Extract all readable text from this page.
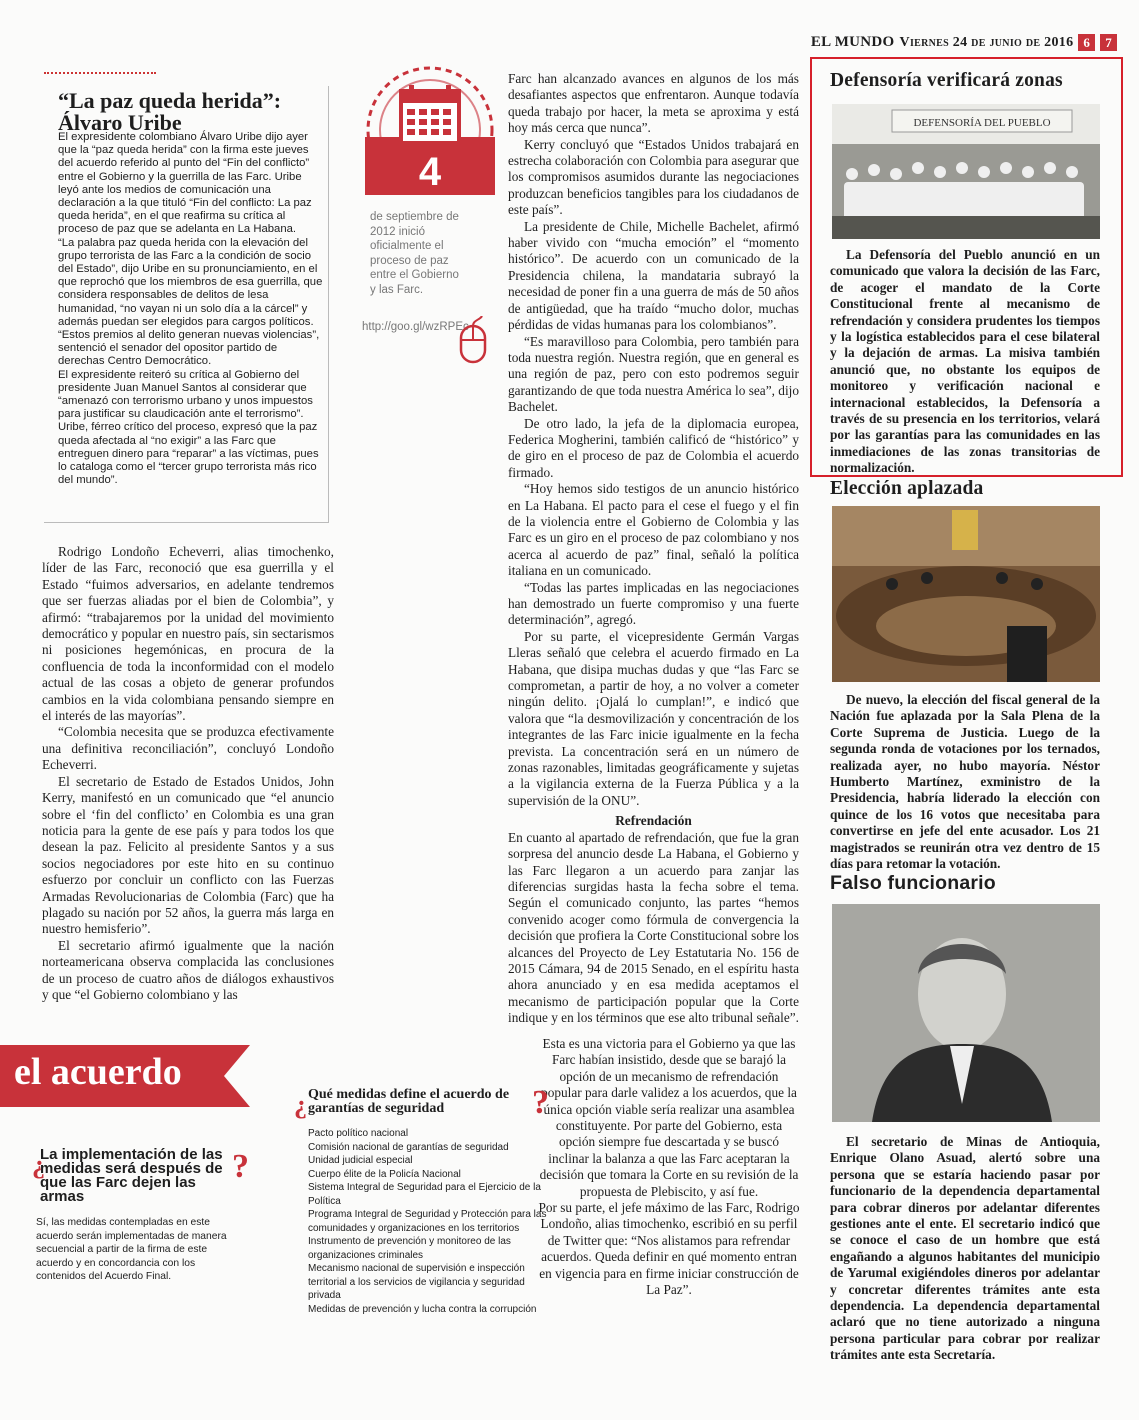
EL MUNDO Viernes 24 de junio de 2016 6	7
“La paz queda herida”: Álvaro Uribe

El expresidente colombiano Álvaro Uribe dijo ayer que la “paz queda herida” con la firma este jueves del acuerdo referido al punto del “Fin del conflicto” entre el Gobierno y la guerrilla de las Farc. Uribe leyó ante los medios de comunicación una declaración a la que tituló “Fin del conflicto: La paz queda herida”, en el que reafirma su crítica al proceso de paz que se adelanta en La Habana.

“La palabra paz queda herida con la elevación del grupo terrorista de las Farc a la condición de socio del Estado”, dijo Uribe en su pronunciamiento, en el que reprochó que los miembros de esa guerrilla, que considera responsables de delitos de lesa humanidad, “no vayan ni un solo día a la cárcel” y además puedan ser elegidos para cargos políticos.

“Estos premios al delito generan nuevas violencias”, sentenció el senador del opositor partido de derechas Centro Democrático.

El expresidente reiteró su crítica al Gobierno del presidente Juan Manuel Santos al considerar que “amenazó con terrorismo urbano y unos impuestos para justificar su claudicación ante el terrorismo”. Uribe, férreo crítico del proceso, expresó que la paz queda afectada al “no exigir” a las Farc que entreguen dinero para “reparar” a las víctimas, pues lo cataloga como el “tercer grupo terrorista más rico del mundo”.

4

de septiembre de 2012 inició oficialmente el proceso de paz entre el Gobierno y las Farc.

http://goo.gl/wzRPEc

Rodrigo Londoño Echeverri, alias timochenko, líder de las Farc, reconoció que esa guerrilla y el Estado “fuimos adversarios, en adelante tendremos que ser fuerzas aliadas por el bien de Colombia”, y afirmó: “trabajaremos por la unidad del movimiento democrático y popular en nuestro país, sin sectarismos ni posiciones hegemónicas, en procura de la confluencia de toda la inconformidad con el modelo actual de las cosas a objeto de generar profundos cambios en la vida colombiana pensando siempre en el interés de las mayorías”.

“Colombia necesita que se produzca efectivamente una definitiva reconciliación”, concluyó Londoño Echeverri.

El secretario de Estado de Estados Unidos, John Kerry, manifestó en un comunicado que “el anuncio sobre el ‘fin del conflicto’ en Colombia es una gran noticia para la gente de ese país y para todos los que desean la paz. Felicito al presidente Santos y a sus socios negociadores por este hito en su continuo esfuerzo por concluir un conflicto con las Fuerzas Armadas Revolucionarias de Colombia (Farc) que ha plagado su nación por 52 años, la guerra más larga en nuestro hemisferio”.

El secretario afirmó igualmente que la nación norteamericana observa complacida las conclusiones de un proceso de cuatro años de diálogos exhaustivos y que “el Gobierno colombiano y las

Farc han alcanzado avances en algunos de los más desafiantes aspectos que enfrentaron. Aunque todavía queda trabajo por hacer, la meta se aproxima y está hoy más cerca que nunca”.

Kerry concluyó que “Estados Unidos trabajará en estrecha colaboración con Colombia para asegurar que los compromisos asumidos durante las negociaciones produzcan beneficios tangibles para los ciudadanos de este país”.

La presidente de Chile, Michelle Bachelet, afirmó haber vivido con “mucha emoción” el “momento histórico”. De acuerdo con un comunicado de la Presidencia chilena, la mandataria subrayó la necesidad de poner fin a una guerra de más de 50 años de antigüedad, que ha traído “mucho dolor, muchas pérdidas de vidas humanas para los colombianos”.

“Es maravilloso para Colombia, pero también para toda nuestra región. Nuestra región, que en general es una región de paz, pero con esto podremos seguir garantizando de que toda nuestra América lo sea”, dijo Bachelet.

De otro lado, la jefa de la diplomacia europea, Federica Mogherini, también calificó de “histórico” y de giro en el proceso de paz de Colombia el acuerdo firmado.

“Hoy hemos sido testigos de un anuncio histórico en La Habana. El pacto para el cese el fuego y el fin de la violencia entre el Gobierno de Colombia y las Farc es un giro en el proceso de paz colombiano y nos acerca al acuerdo de paz” final, señaló la política italiana en un comunicado.

“Todas las partes implicadas en las negociaciones han demostrado un fuerte compromiso y una fuerte determinación”, agregó.

Por su parte, el vicepresidente Germán Vargas Lleras señaló que celebra el acuerdo firmado en La Habana, que disipa muchas dudas y que “las Farc se comprometan, a partir de hoy, a no volver a cometer ningún delito. ¡Ojalá lo cumplan!”, e indicó que valora que “la desmovilización y concentración de los integrantes de las Farc inicie igualmente en la fecha prevista. La concentración será en un número de zonas razonables, limitadas geográficamente y sujetas a la vigilancia externa de la Fuerza Pública y a la supervisión de la ONU”.

Refrendación

En cuanto al apartado de refrendación, que fue la gran sorpresa del anuncio desde La Habana, el Gobierno y las Farc llegaron a un acuerdo para zanjar las diferencias surgidas hasta la fecha sobre el tema. Según el comunicado conjunto, las partes “hemos convenido acoger como fórmula de convergencia la decisión que profiera la Corte Constitucional sobre los alcances del Proyecto de Ley Estatutaria No. 156 de 2015 Cámara, 94 de 2015 Senado, en el espíritu hasta ahora anunciado y en esa medida aceptamos el mecanismo de participación popular que la Corte indique y en los términos que ese alto tribunal señale”.

Esta es una victoria para el Gobierno ya que las Farc habían insistido, desde que se barajó la opción de un mecanismo de refrendación popular para darle validez a los acuerdos, que la única opción viable sería realizar una asamblea constituyente. Por parte del Gobierno, esta opción siempre fue descartada y se buscó inclinar la balanza a que las Farc aceptaran la decisión que tomara la Corte en su revisión de la propuesta de Plebiscito, y así fue.

Por su parte, el jefe máximo de las Farc, Rodrigo Londoño, alias timochenko, escribió en su perfil de Twitter que: “Nos alistamos para refrendar acuerdos. Queda definir en qué momento entran en vigencia para en firme iniciar construcción de La Paz”.

Defensoría verificará zonas
DEFENSORÍA DEL PUEBLO

La Defensoría del Pueblo anunció en un comunicado que valora la decisión de las Farc, de acoger el mandato de la Corte Constitucional frente al mecanismo de refrendación y considera prudentes los tiempos y la logística establecidos para el cese bilateral y la dejación de armas. La misiva también anunció que, no obstante los equipos de monitoreo y verificación nacional e internacional establecidos, la Defensoría a través de su presencia en los territorios, velará por las garantías para las comunidades en las inmediaciones de las zonas transitorias de normalización.

Elección aplazada

De nuevo, la elección del fiscal general de la Nación fue aplazada por la Sala Plena de la Corte Suprema de Justicia. Luego de la segunda ronda de votaciones por los ternados, realizada ayer, no hubo mayoría. Néstor Humberto Martínez, exministro de la Presidencia, habría liderado la elección con quince de los 16 votos que necesitaba para convertirse en jefe del ente acusador. Los 21 magistrados se reunirán otra vez dentro de 15 días para retomar la votación.

Falso funcionario

El secretario de Minas de Antioquia, Enrique Olano Asuad, alertó sobre una persona que se estaría haciendo pasar por funcionario de la dependencia departamental para cobrar dineros por adelantar diferentes gestiones ante el ente. El secretario indicó que se conoce el caso de un hombre que está engañando a algunos habitantes del municipio de Yarumal exigiéndoles dineros por adelantar y concretar diferentes trámites ante esta dependencia. La dependencia departamental aclaró que no tiene autorizado a ninguna persona particular para cobrar por realizar trámites ante esta Secretaría.

el acuerdo

¿

La implementación de las medidas será después de que las Farc dejen las armas

?

Sí, las medidas contempladas en este acuerdo serán implementadas de manera secuencial a partir de la firma de este acuerdo y en concordancia con los contenidos del Acuerdo Final.

¿ Qué medidas define el acuerdo de garantías de seguridad	?
Pacto político nacional
Comisión nacional de garantías de seguridad
Unidad judicial especial
Cuerpo élite de la Policía Nacional
Sistema Integral de Seguridad para el Ejercicio de la Política
Programa Integral de Seguridad y Protección para las comunidades y organizaciones en los territorios
Instrumento de prevención y monitoreo de las organizaciones criminales
Mecanismo nacional de supervisión e inspección territorial a los servicios de vigilancia y seguridad privada
Medidas de prevención y lucha contra la corrupción
